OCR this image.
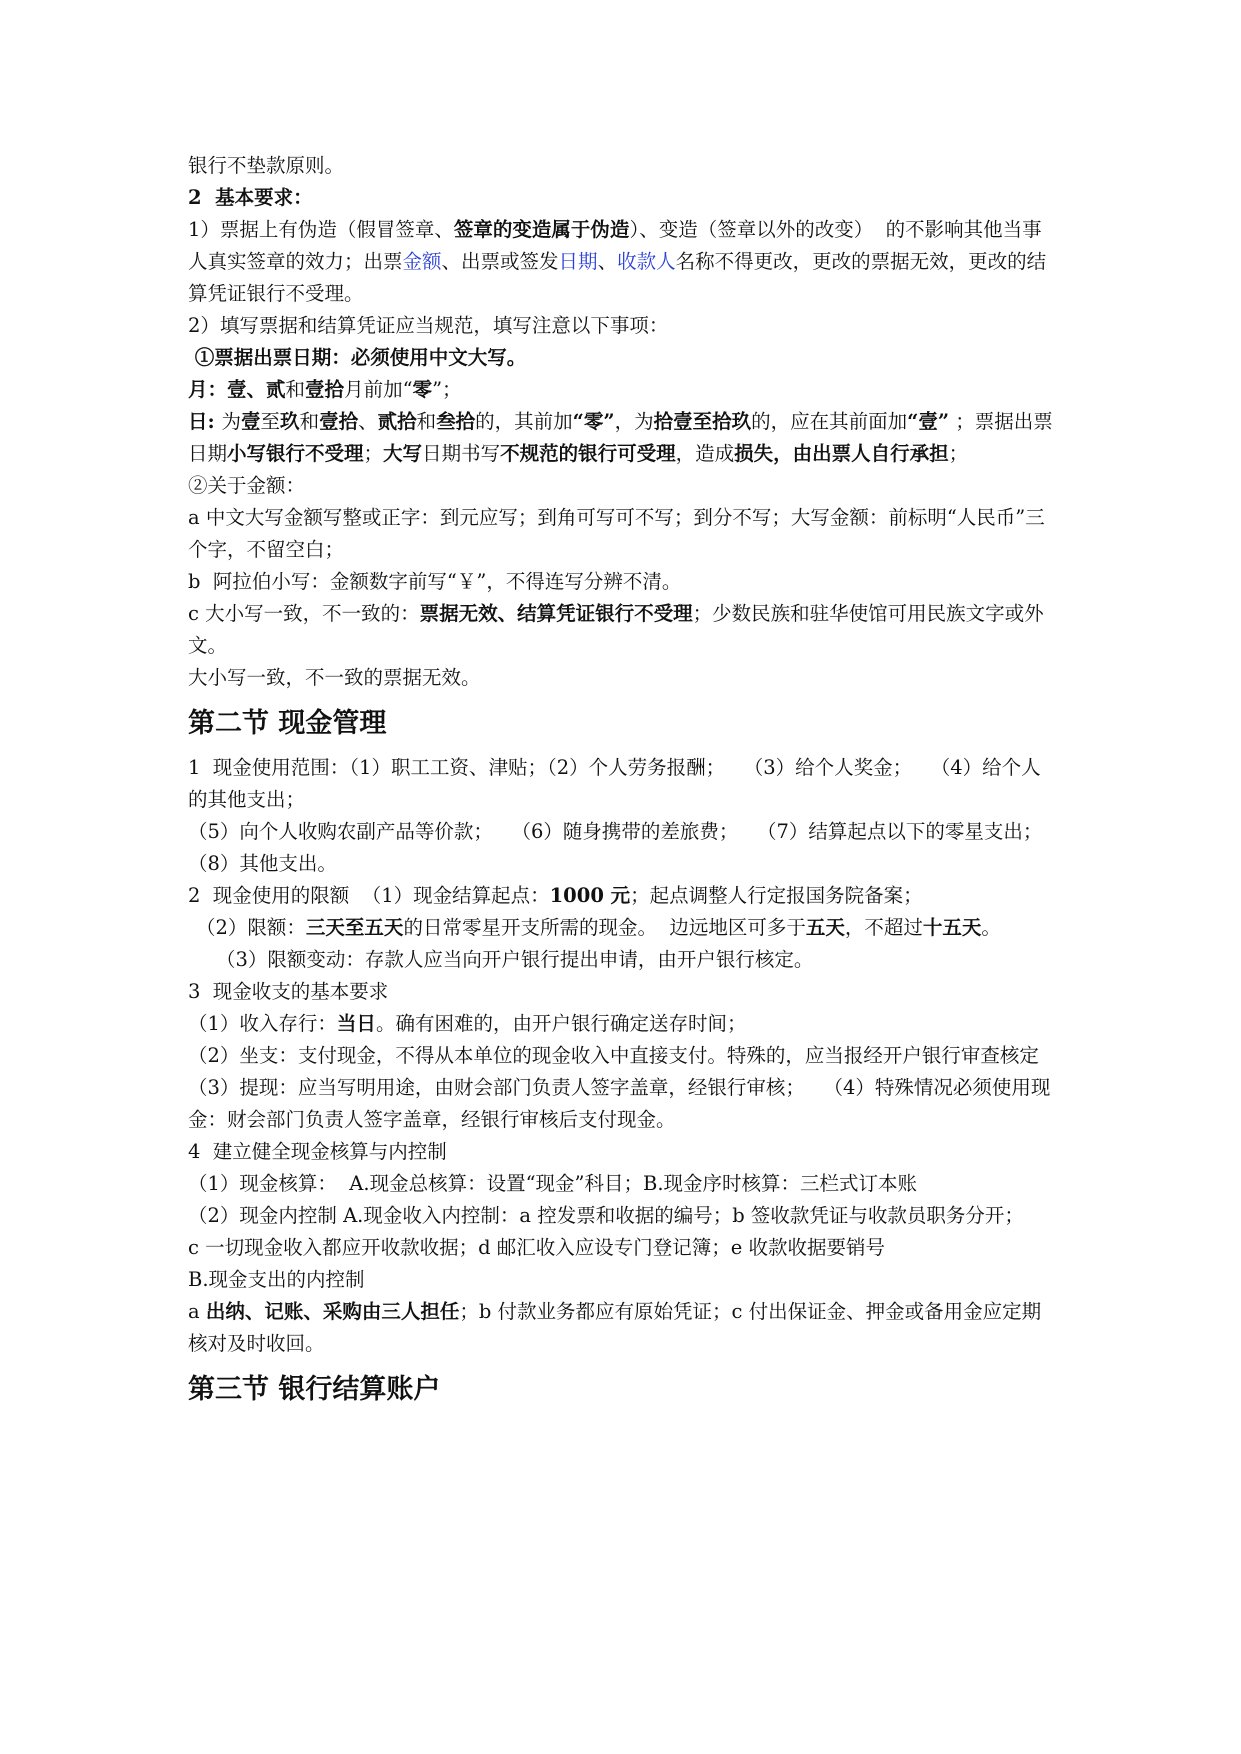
银行不垫款原则。

2  基本要求：

1）票据上有伪造（假冒签章、签章的变造属于伪造）、变造（签章以外的改变）  的不影响其他当事人真实签章的效力；出票金额、出票或签发日期、收款人名称不得更改，更改的票据无效，更改的结算凭证银行不受理。

2）填写票据和结算凭证应当规范，填写注意以下事项：

①票据出票日期：必须使用中文大写。

月：壹、贰和壹拾月前加“零”；

日: 为壹至玖和壹拾、贰拾和叁拾的，其前加“零”，为拾壹至拾玖的，应在其前面加“壹” ；票据出票日期小写银行不受理；大写日期书写不规范的银行可受理，造成损失，由出票人自行承担；

②关于金额：

a 中文大写金额写整或正字：到元应写；到角可写可不写；到分不写；大写金额：前标明“人民币”三个字，不留空白；

b  阿拉伯小写：金额数字前写“￥”，不得连写分辨不清。

c 大小写一致，不一致的：票据无效、结算凭证银行不受理；少数民族和驻华使馆可用民族文字或外文。

大小写一致，不一致的票据无效。

第二节 现金管理

1  现金使用范围：（1）职工工资、津贴；（2）个人劳务报酬；   （3）给个人奖金；   （4）给个人的其他支出；

（5）向个人收购农副产品等价款；   （6）随身携带的差旅费；   （7）结算起点以下的零星支出；   （8）其他支出。

2  现金使用的限额  （1）现金结算起点：1000 元；起点调整人行定报国务院备案；

（2）限额：三天至五天的日常零星开支所需的现金。  边远地区可多于五天，不超过十五天。

（3）限额变动：存款人应当向开户银行提出申请，由开户银行核定。

3  现金收支的基本要求

（1）收入存行：当日。确有困难的，由开户银行确定送存时间；

（2）坐支：支付现金，不得从本单位的现金收入中直接支付。特殊的，应当报经开户银行审查核定

（3）提现：应当写明用途，由财会部门负责人签字盖章，经银行审核；   （4）特殊情况必须使用现金：财会部门负责人签字盖章，经银行审核后支付现金。

4  建立健全现金核算与内控制

（1）现金核算：  A.现金总核算：设置“现金”科目；B.现金序时核算：三栏式订本账

（2）现金内控制 A.现金收入内控制：a 控发票和收据的编号；b 签收款凭证与收款员职务分开；

c 一切现金收入都应开收款收据；d 邮汇收入应设专门登记簿；e 收款收据要销号

B.现金支出的内控制

a 出纳、记账、采购由三人担任；b 付款业务都应有原始凭证；c 付出保证金、押金或备用金应定期核对及时收回。

第三节 银行结算账户
